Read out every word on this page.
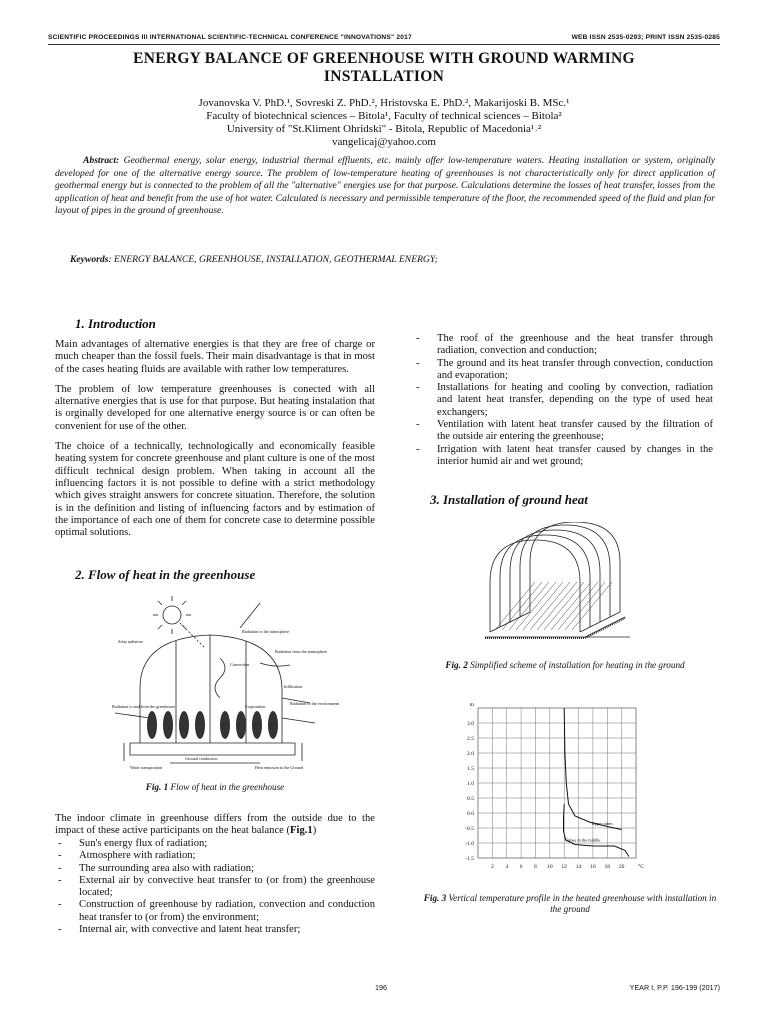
SCIENTIFIC PROCEEDINGS III INTERNATIONAL SCIENTIFIC-TECHNICAL CONFERENCE "INNOVATIONS" 2017	WEB ISSN 2535-0293; PRINT ISSN 2535-0285
ENERGY BALANCE OF GREENHOUSE WITH GROUND WARMING INSTALLATION
Jovanovska V. PhD.¹, Sovreski Z. PhD.², Hristovska E. PhD.², Makarijoski B. MSc.¹
Faculty of biotechnical sciences – Bitola¹, Faculty of technical sciences – Bitola²
University of "St.Kliment Ohridski" - Bitola, Republic of Macedonia¹˒²
vangelicaj@yahoo.com
Abstract: Geothermal energy, solar energy, industrial thermal effluents, etc. mainly offer low-temperature waters. Heating installation or system, originally developed for one of the alternative energy source. The problem of low-temperature heating of greenhouses is not characteristically only for direct application of geothermal energy but is connected to the problem of all the "alternative" energies use for that purpose. Calculations determine the losses of heat transfer, losses from the application of heat and benefit from the use of hot water. Calculated is necessary and permissible temperature of the floor, the recommended speed of the fluid and plan for layout of pipes in the ground of greenhouse.
Keywords: ENERGY BALANCE, GREENHOUSE, INSTALLATION, GEOTHERMAL ENERGY;
1. Introduction

Main advantages of alternative energies is that they are free of charge or much cheaper than the fossil fuels. Their main disadvantage is that in most of the cases heating fluids are available with rather low temperatures.

The problem of low temperature greenhouses is conected with all alternative energies that is use for that purpose. But heating instalation that is orginally developed for one alternative energy source is or can often be convenient for use of the other.

The choice of a technically, technologically and economically feasible heating system for concrete greenhouse and plant culture is one of the most difficult technical design problem. When taking in account all the influencing factors it is not possible to define with a strict methodology which gives straight answers for concrete situation. Therefore, the solution is in the definition and listing of influencing factors and by estimation of the importance of each one of them for concrete case to determine possible optimal solutions.

2. Flow of heat in the greenhouse
Solar radiation
Radiation to the atmosphere
Radiation from the atmosphere
Convection
Infiltration
Evaporation
Radiation to the environment
Radiation to and from the greenhouse
Ground conduction
Water transpiration	Heat emission to the Ground
Fig. 1 Flow of heat in the greenhouse
The indoor climate in greenhouse differs from the outside due to the impact of these active participants on the heat balance (Fig.1)
- Sun's energy flux of radiation;
- Atmosphere with radiation;
- The surrounding area also with radiation;
- External air by convective heat transfer to (or from) the greenhouse located;
- Construction of greenhouse by radiation, convection and conduction heat transfer to (or from) the environment;
- Internal air, with convective and latent heat transfer;
- The roof of the greenhouse and the heat transfer through radiation, convection and conduction;
- The ground and its heat transfer through convection, conduction and evaporation;
- Installations for heating and cooling by convection, radiation and latent heat transfer, depending on the type of used heat exchangers;
- Ventilation with latent heat transfer caused by the filtration of the outside air entering the greenhouse;
- Irrigation with latent heat transfer caused by changes in the interior humid air and wet ground;
3. Installation of ground heat
Fig. 2 Simplified scheme of installation for heating in the ground
3.0
2.5
2.0
1.5
1.0
0.5
0.0
-0.5
-1.0
-1.5
2 4 6 8 10 12 14 16 18 20
m
°C
Upper tubes
Tubes in the middle
Fig. 3 Vertical temperature profile in the heated greenhouse with installation in the ground
196	YEAR I, P.P. 196-199 (2017)
